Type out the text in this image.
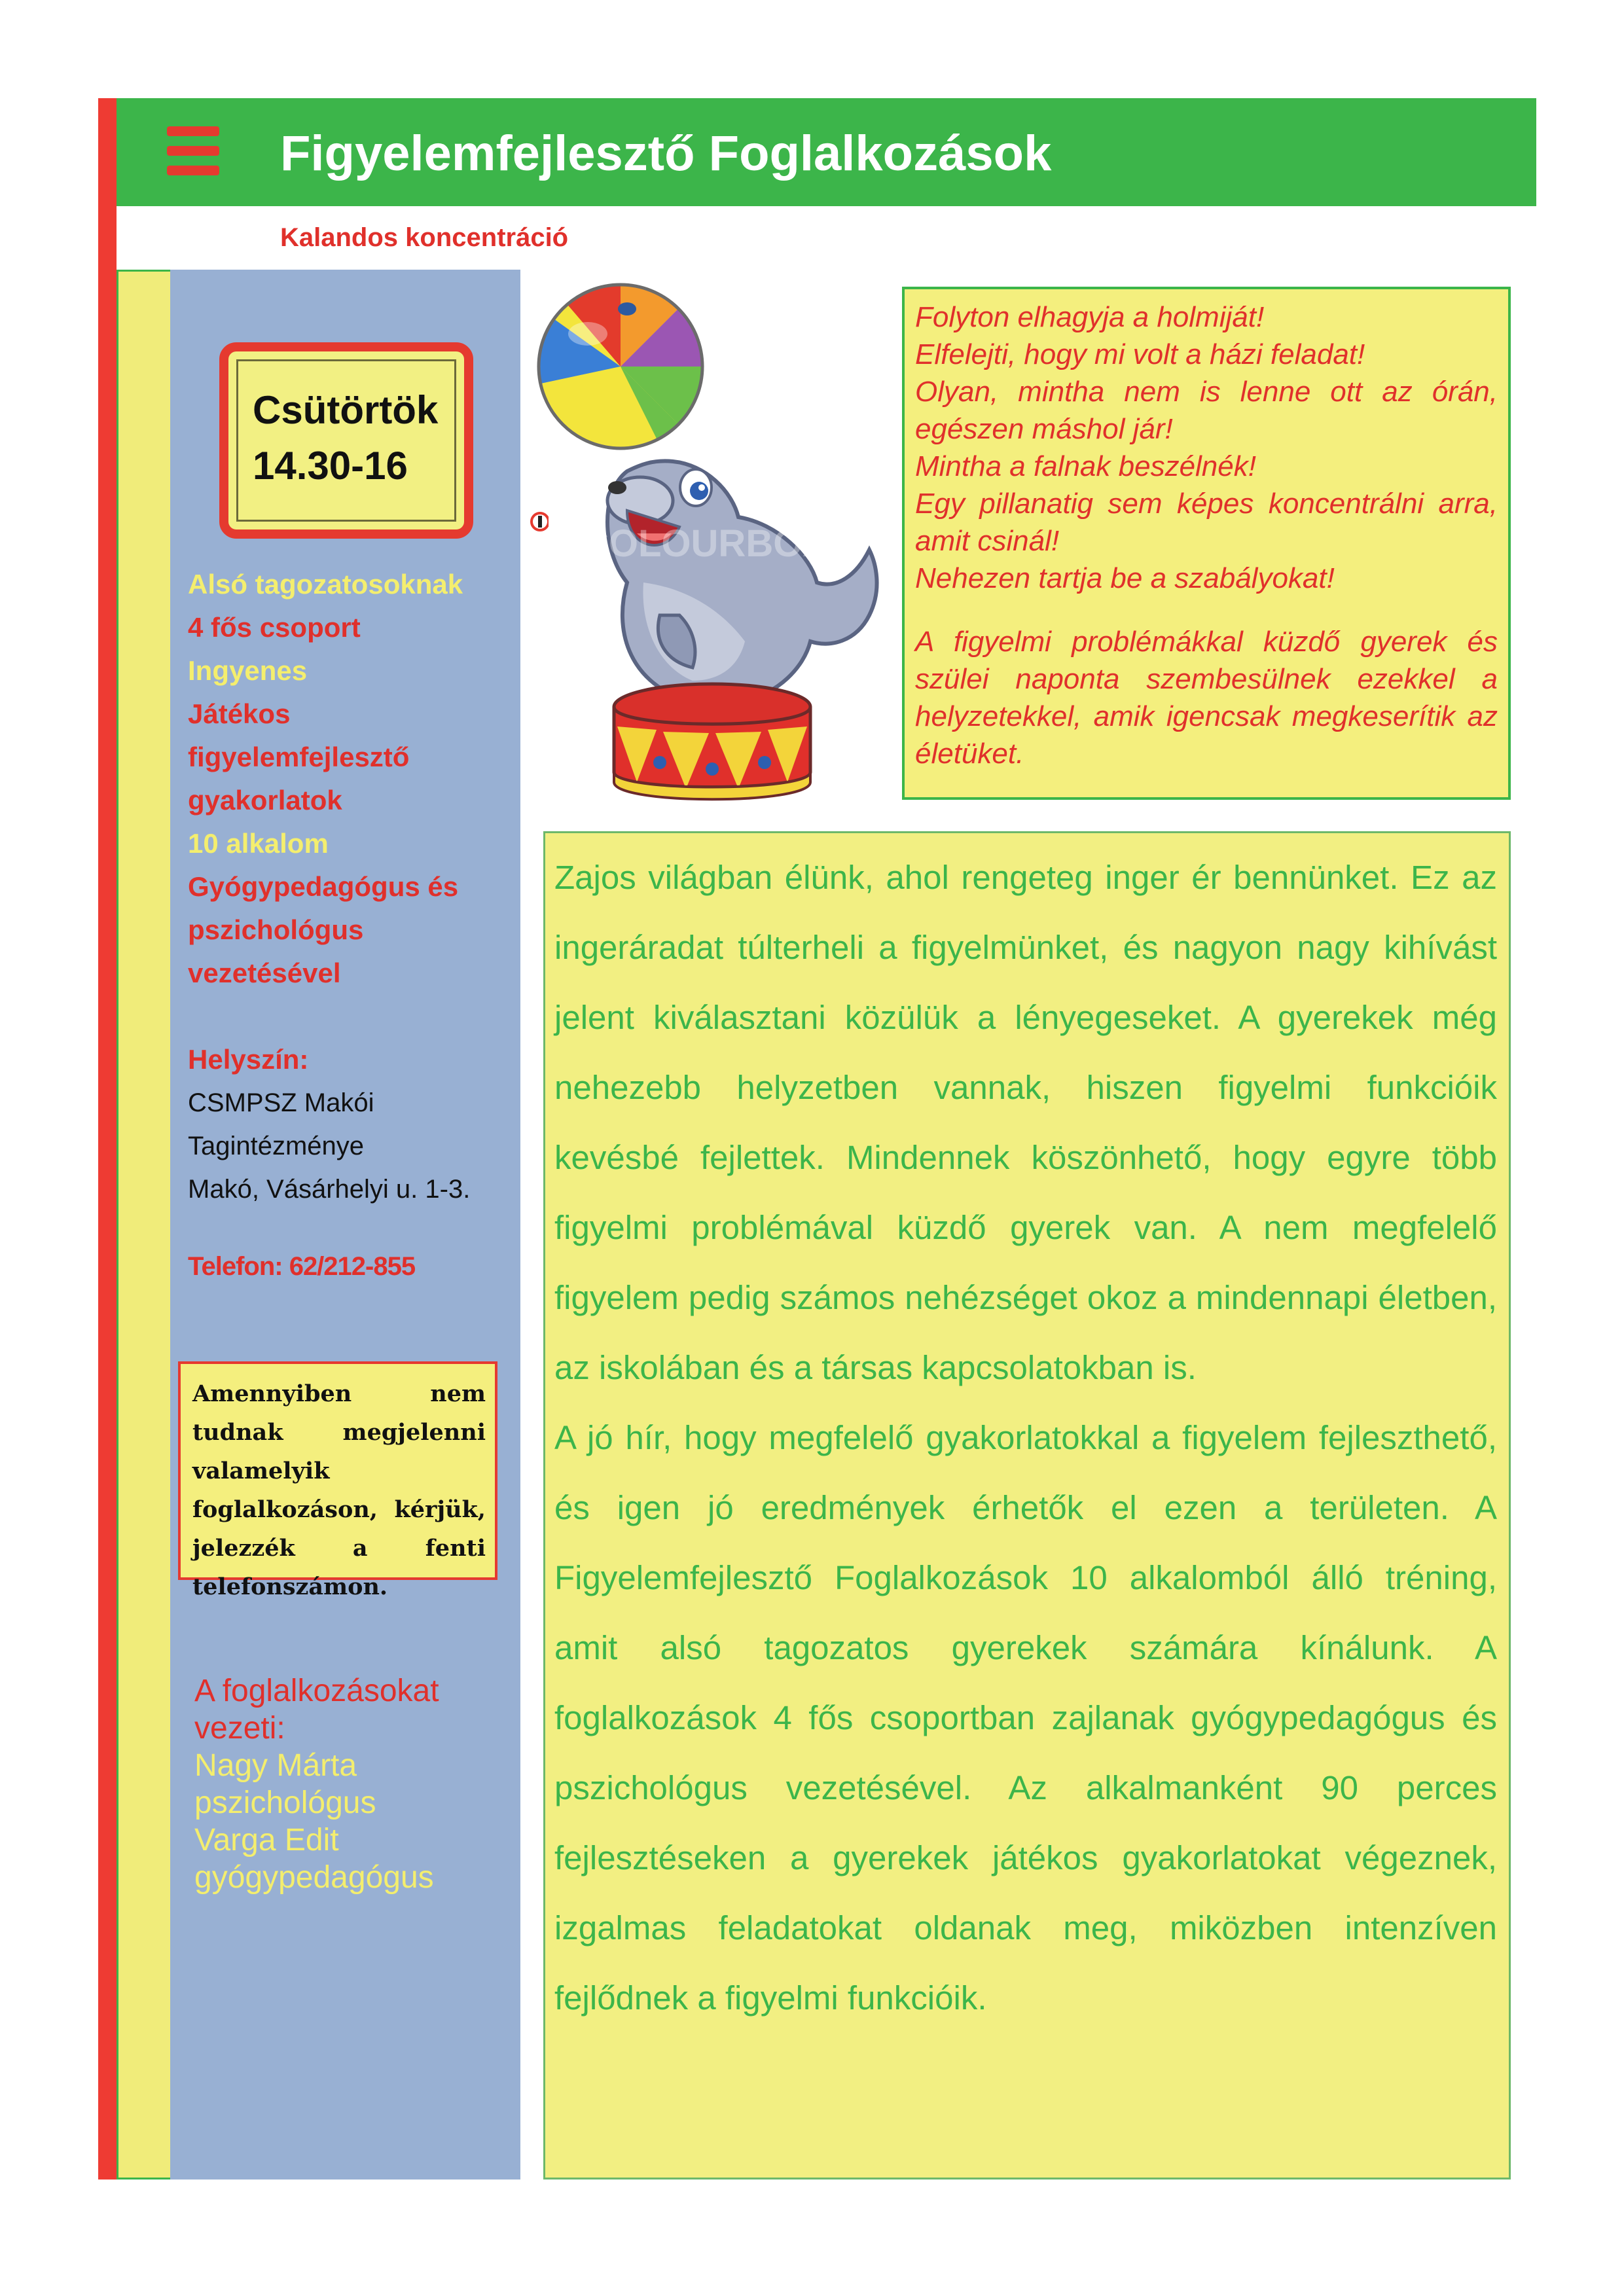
Figyelemfejlesztő Foglalkozások
Kalandos koncentráció
Csütörtök
14.30-16
Alsó tagozatosoknak
4 fős csoport
Ingyenes
Játékos
figyelemfejlesztő
gyakorlatok
10 alkalom
Gyógypedagógus és
pszichológus
vezetésével
Helyszín:
CSMPSZ Makói
Tagintézménye
Makó, Vásárhelyi u. 1-3.
Telefon: 62/212-855
Amennyiben nem tudnak megjelenni valamelyik foglalkozáson, kérjük, jelezzék a fenti telefonszámon.
A foglalkozásokat
vezeti:
Nagy Márta
pszichológus
Varga Edit
gyógypedagógus
COLOURBOX

Folyton elhagyja a holmiját!

Elfelejti, hogy mi volt a házi feladat!

Olyan, mintha nem is lenne ott az órán, egészen máshol jár!

Mintha a falnak beszélnék!

Egy pillanatig sem képes koncentrálni arra, amit csinál!

Nehezen tartja be a szabályokat!

A figyelmi problémákkal küzdő gyerek és szülei naponta szembesülnek ezekkel a helyzetekkel, amik igencsak megkeserítik az életüket.

Zajos világban élünk, ahol rengeteg inger ér bennünket. Ez az ingeráradat túlterheli a figyelmünket, és nagyon nagy kihívást jelent kiválasztani közülük a lényegeseket. A gyerekek még nehezebb helyzetben vannak, hiszen figyelmi funkcióik kevésbé fejlettek. Mindennek köszönhető, hogy egyre több figyelmi problémával küzdő gyerek van. A nem megfelelő figyelem pedig számos nehézséget okoz a mindennapi életben, az iskolában és a társas kapcsolatokban is.

A jó hír, hogy megfelelő gyakorlatokkal a figyelem fejleszthető, és igen jó eredmények érhetők el ezen a területen. A Figyelemfejlesztő Foglalkozások 10 alkalomból álló tréning, amit alsó tagozatos gyerekek számára kínálunk. A foglalkozások 4 fős csoportban zajlanak gyógypedagógus és pszichológus vezetésével. Az alkalmanként 90 perces fejlesztéseken a gyerekek játékos gyakorlatokat végeznek, izgalmas feladatokat oldanak meg, miközben intenzíven fejlődnek a figyelmi funkcióik.
